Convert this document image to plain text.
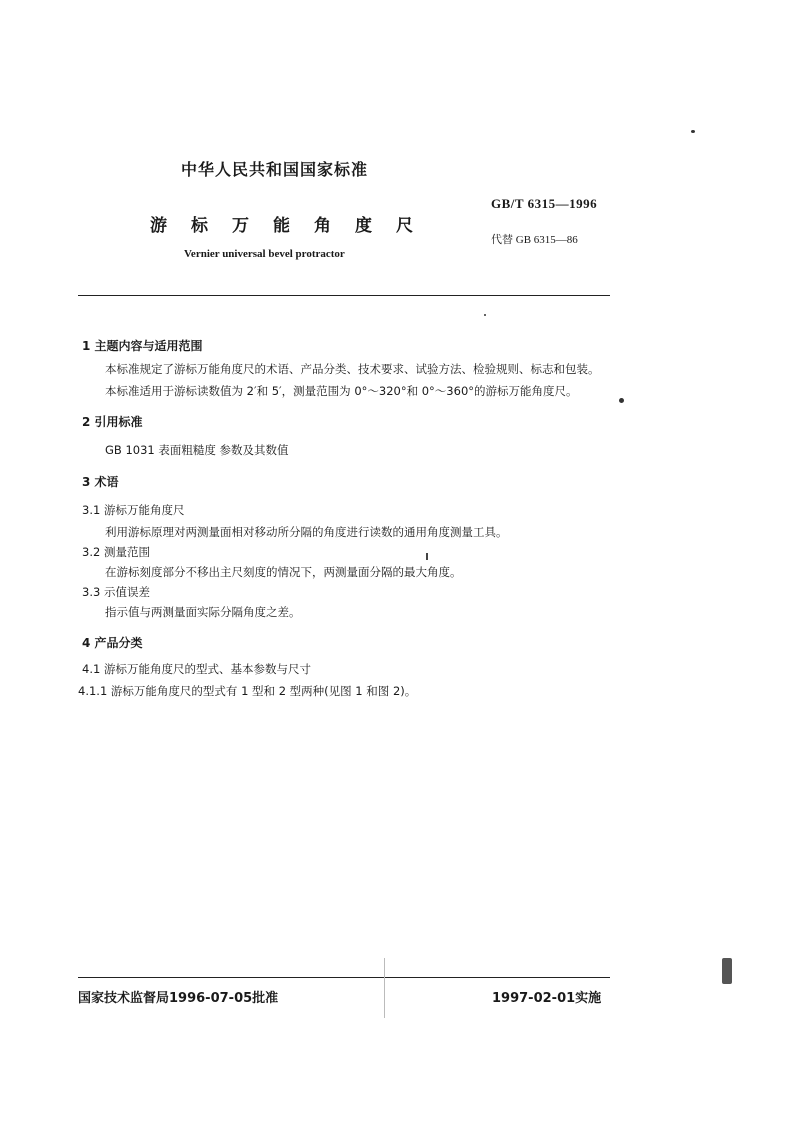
中华人民共和国国家标准
GB/T 6315—1996
游 标 万 能 角 度 尺
代替 GB 6315—86
Vernier universal bevel protractor
1 主题内容与适用范围
本标准规定了游标万能角度尺的术语、产品分类、技术要求、试验方法、检验规则、标志和包装。
本标准适用于游标读数值为 2′和 5′，测量范围为 0°～320°和 0°～360°的游标万能角度尺。
2 引用标准
GB 1031 表面粗糙度 参数及其数值
3 术语
3.1 游标万能角度尺
利用游标原理对两测量面相对移动所分隔的角度进行读数的通用角度测量工具。
3.2 测量范围
在游标刻度部分不移出主尺刻度的情况下，两测量面分隔的最大角度。
3.3 示值误差
指示值与两测量面实际分隔角度之差。
4 产品分类
4.1 游标万能角度尺的型式、基本参数与尺寸
4.1.1 游标万能角度尺的型式有 1 型和 2 型两种(见图 1 和图 2)。
国家技术监督局1996-07-05批准	1997-02-01实施
